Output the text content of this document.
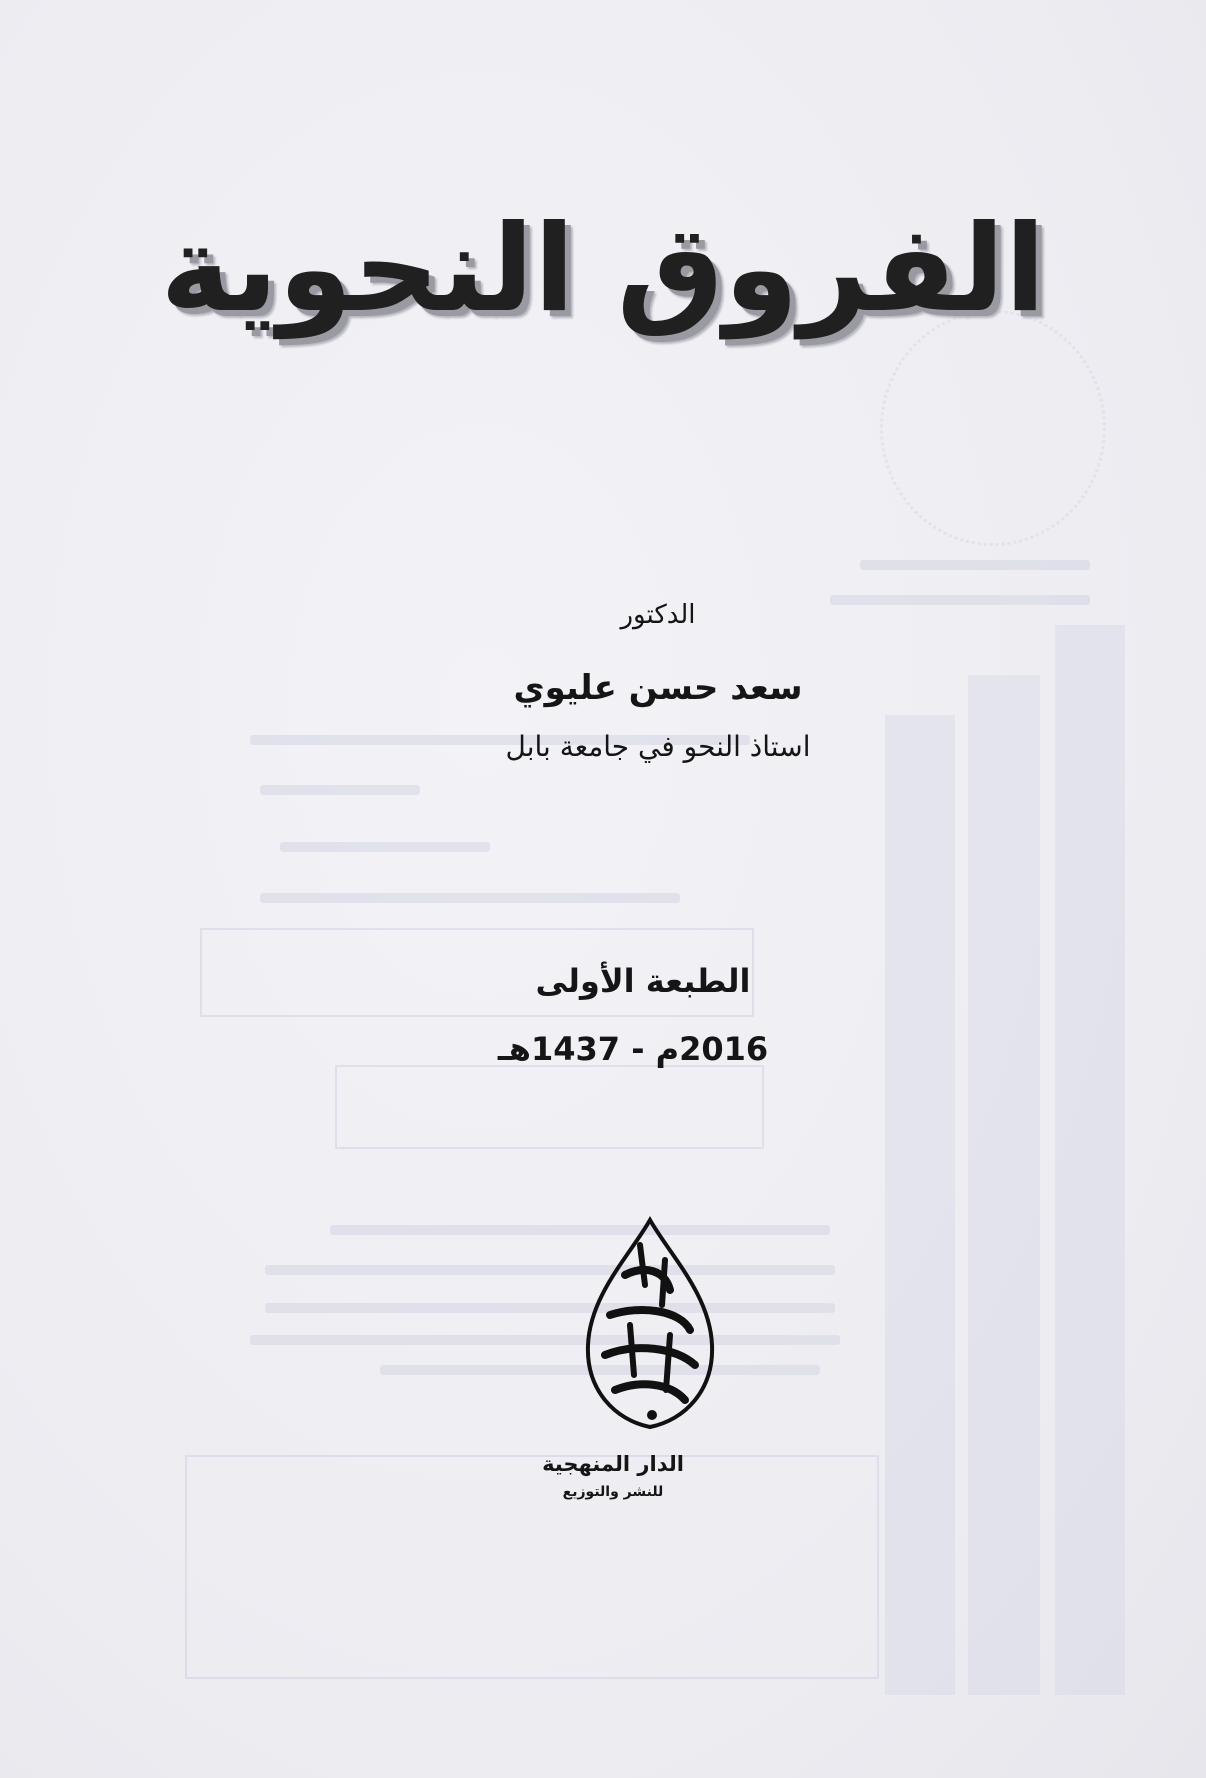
الفروق النحوية
الدكتور
سعد حسن عليوي
استاذ النحو في جامعة بابل
الطبعة الأولى
2016م - 1437هـ
الدار المنهجية
للنشر والتوزيع
